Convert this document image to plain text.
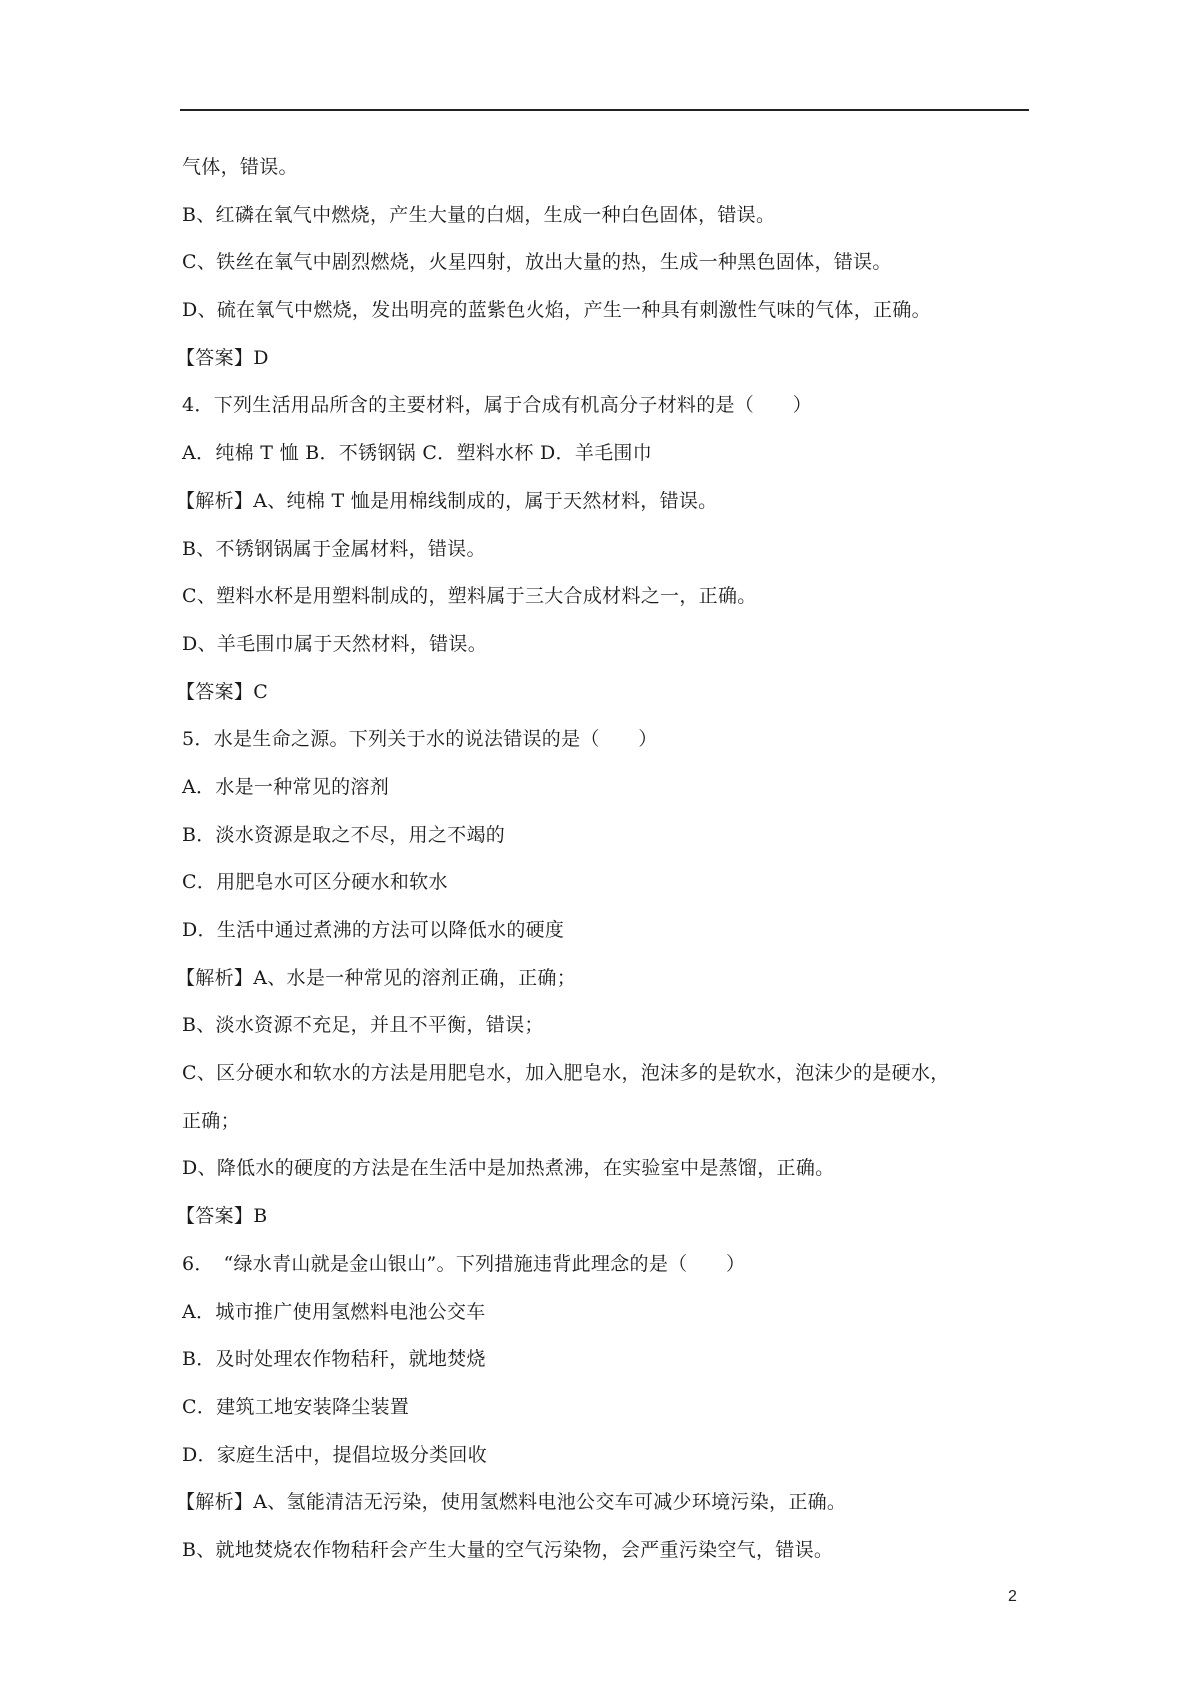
气体，错误。
B、红磷在氧气中燃烧，产生大量的白烟，生成一种白色固体，错误。
C、铁丝在氧气中剧烈燃烧，火星四射，放出大量的热，生成一种黑色固体，错误。
D、硫在氧气中燃烧，发出明亮的蓝紫色火焰，产生一种具有刺激性气味的气体，正确。
【答案】D
4．下列生活用品所含的主要材料，属于合成有机高分子材料的是（　　）
A．纯棉 T 恤 B．不锈钢锅 C．塑料水杯 D．羊毛围巾
【解析】A、纯棉 T 恤是用棉线制成的，属于天然材料，错误。
B、不锈钢锅属于金属材料，错误。
C、塑料水杯是用塑料制成的，塑料属于三大合成材料之一，正确。
D、羊毛围巾属于天然材料，错误。
【答案】C
5．水是生命之源。下列关于水的说法错误的是（　　）
A．水是一种常见的溶剂
B．淡水资源是取之不尽，用之不竭的
C．用肥皂水可区分硬水和软水
D．生活中通过煮沸的方法可以降低水的硬度
【解析】A、水是一种常见的溶剂正确，正确；
B、淡水资源不充足，并且不平衡，错误；
C、区分硬水和软水的方法是用肥皂水，加入肥皂水，泡沫多的是软水，泡沫少的是硬水，
正确；
D、降低水的硬度的方法是在生活中是加热煮沸，在实验室中是蒸馏，正确。
【答案】B
6．　“绿水青山就是金山银山”。下列措施违背此理念的是（　　）
A．城市推广使用氢燃料电池公交车
B．及时处理农作物秸秆，就地焚烧
C．建筑工地安装降尘装置
D．家庭生活中，提倡垃圾分类回收
【解析】A、氢能清洁无污染，使用氢燃料电池公交车可减少环境污染，正确。
B、就地焚烧农作物秸秆会产生大量的空气污染物，会严重污染空气，错误。
2
